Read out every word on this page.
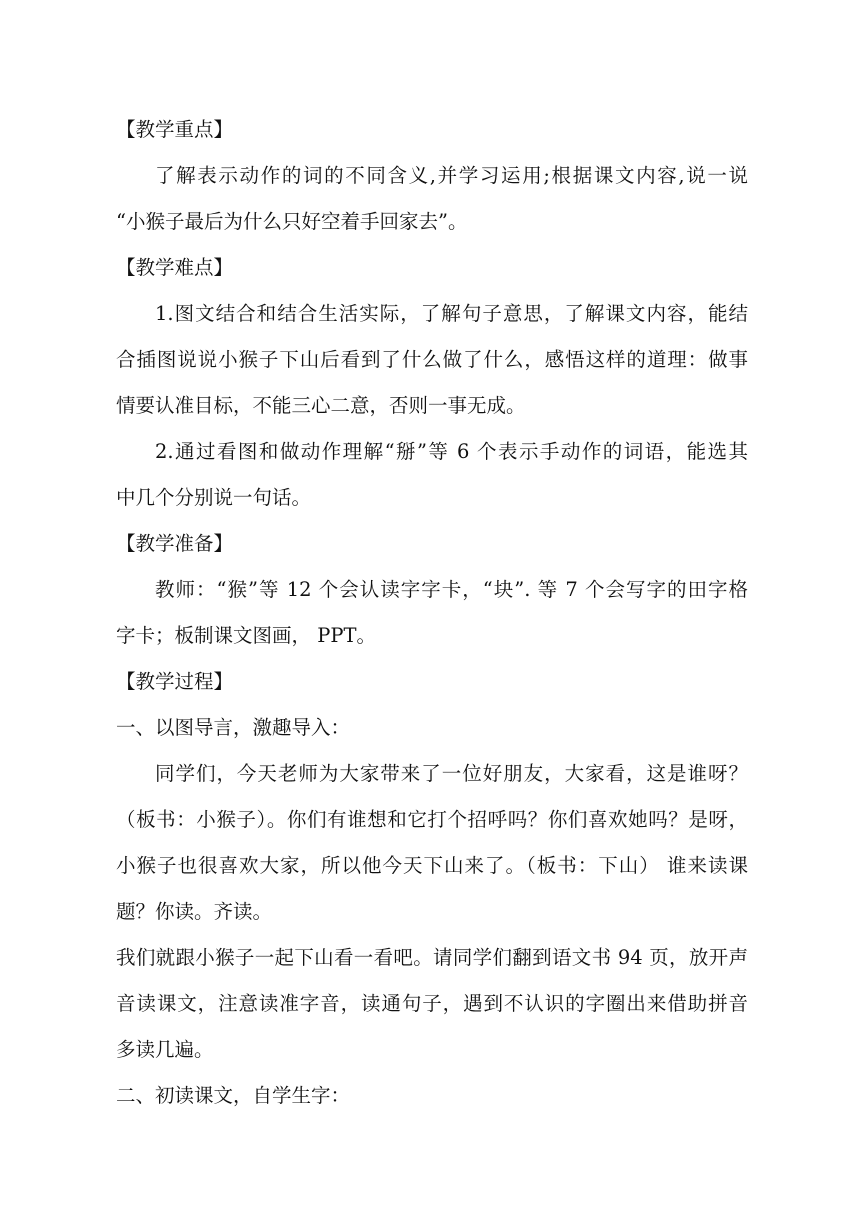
【教学重点】
了解表示动作的词的不同含义,并学习运用;根据课文内容,说一说
“小猴子最后为什么只好空着手回家去”。
【教学难点】
1.图文结合和结合生活实际，了解句子意思，了解课文内容，能结
合插图说说小猴子下山后看到了什么做了什么，感悟这样的道理：做事
情要认准目标，不能三心二意，否则一事无成。
2.通过看图和做动作理解“掰”等 6 个表示手动作的词语，能选其
中几个分别说一句话。
【教学准备】
教师：“猴”等 12 个会认读字字卡，“块”. 等 7 个会写字的田字格
字卡；板制课文图画， PPT。
【教学过程】
一、以图导言，激趣导入：
同学们，今天老师为大家带来了一位好朋友，大家看，这是谁呀？
（板书：小猴子）。你们有谁想和它打个招呼吗？你们喜欢她吗？是呀，
小猴子也很喜欢大家，所以他今天下山来了。（板书：下山） 谁来读课
题？你读。齐读。
我们就跟小猴子一起下山看一看吧。请同学们翻到语文书 94 页，放开声
音读课文，注意读准字音，读通句子，遇到不认识的字圈出来借助拼音
多读几遍。
二、初读课文，自学生字：
